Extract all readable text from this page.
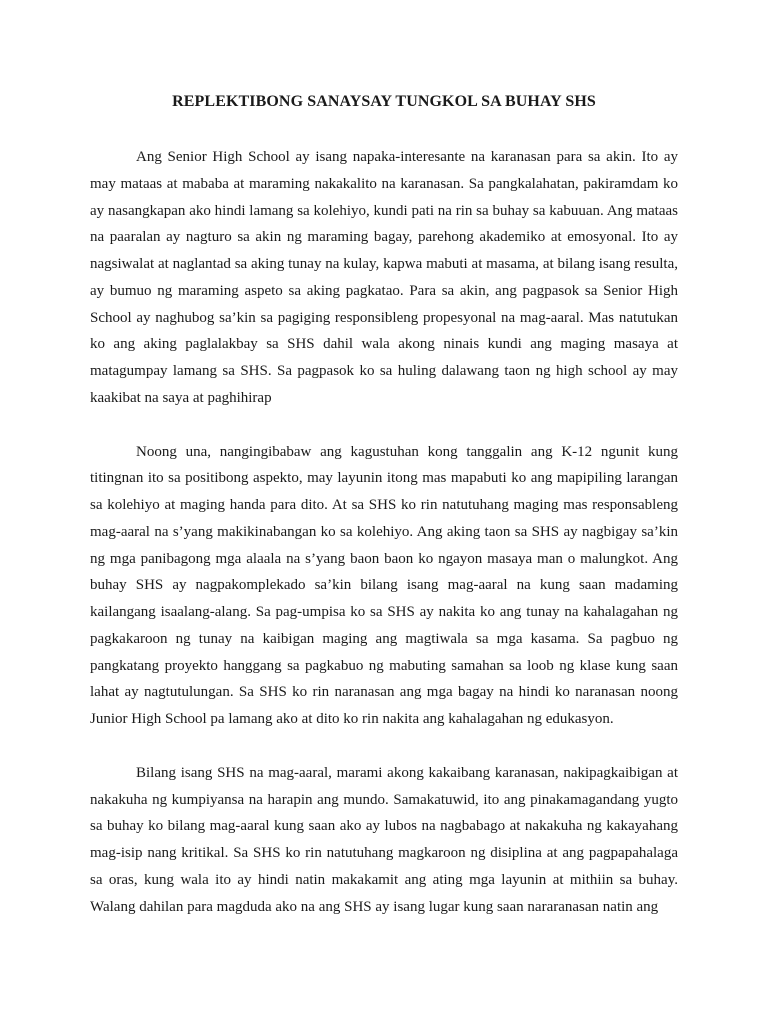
REPLEKTIBONG SANAYSAY TUNGKOL SA BUHAY SHS

Ang Senior High School ay isang napaka-interesante na karanasan para sa akin. Ito ay may mataas at mababa at maraming nakakalito na karanasan. Sa pangkalahatan, pakiramdam ko ay nasangkapan ako hindi lamang sa kolehiyo, kundi pati na rin sa buhay sa kabuuan. Ang mataas na paaralan ay nagturo sa akin ng maraming bagay, parehong akademiko at emosyonal. Ito ay nagsiwalat at naglantad sa aking tunay na kulay, kapwa mabuti at masama, at bilang isang resulta, ay bumuo ng maraming aspeto sa aking pagkatao. Para sa akin, ang pagpasok sa Senior High School ay naghubog sa’kin sa pagiging responsibleng propesyonal na mag-aaral. Mas natutukan ko ang aking paglalakbay sa SHS dahil wala akong ninais kundi ang maging masaya at matagumpay lamang sa SHS. Sa pagpasok ko sa huling dalawang taon ng high school ay may kaakibat na saya at paghihirap

Noong una, nangingibabaw ang kagustuhan kong tanggalin ang K-12 ngunit kung titingnan ito sa positibong aspekto, may layunin itong mas mapabuti ko ang mapipiling larangan sa kolehiyo at maging handa para dito. At sa SHS ko rin natutuhang maging mas responsableng mag-aaral na s’yang makikinabangan ko sa kolehiyo. Ang aking taon sa SHS ay nagbigay sa’kin ng mga panibagong mga alaala na s’yang baon baon ko ngayon masaya man o malungkot. Ang buhay SHS ay nagpakomplekado sa’kin bilang isang mag-aaral na kung saan madaming kailangang isaalang-alang. Sa pag-umpisa ko sa SHS ay nakita ko ang tunay na kahalagahan ng pagkakaroon ng tunay na kaibigan maging ang magtiwala sa mga kasama. Sa pagbuo ng pangkatang proyekto hanggang sa pagkabuo ng mabuting samahan sa loob ng klase kung saan lahat ay nagtutulungan. Sa SHS ko rin naranasan ang mga bagay na hindi ko naranasan noong Junior High School pa lamang ako at dito ko rin nakita ang kahalagahan ng edukasyon.

Bilang isang SHS na mag-aaral, marami akong kakaibang karanasan, nakipagkaibigan at nakakuha ng kumpiyansa na harapin ang mundo. Samakatuwid, ito ang pinakamagandang yugto sa buhay ko bilang mag-aaral kung saan ako ay lubos na nagbabago at nakakuha ng kakayahang mag-isip nang kritikal. Sa SHS ko rin natutuhang magkaroon ng disiplina at ang pagpapahalaga sa oras, kung wala ito ay hindi natin makakamit ang ating mga layunin at mithiin sa buhay. Walang dahilan para magduda ako na ang SHS ay isang lugar kung saan nararanasan natin ang
